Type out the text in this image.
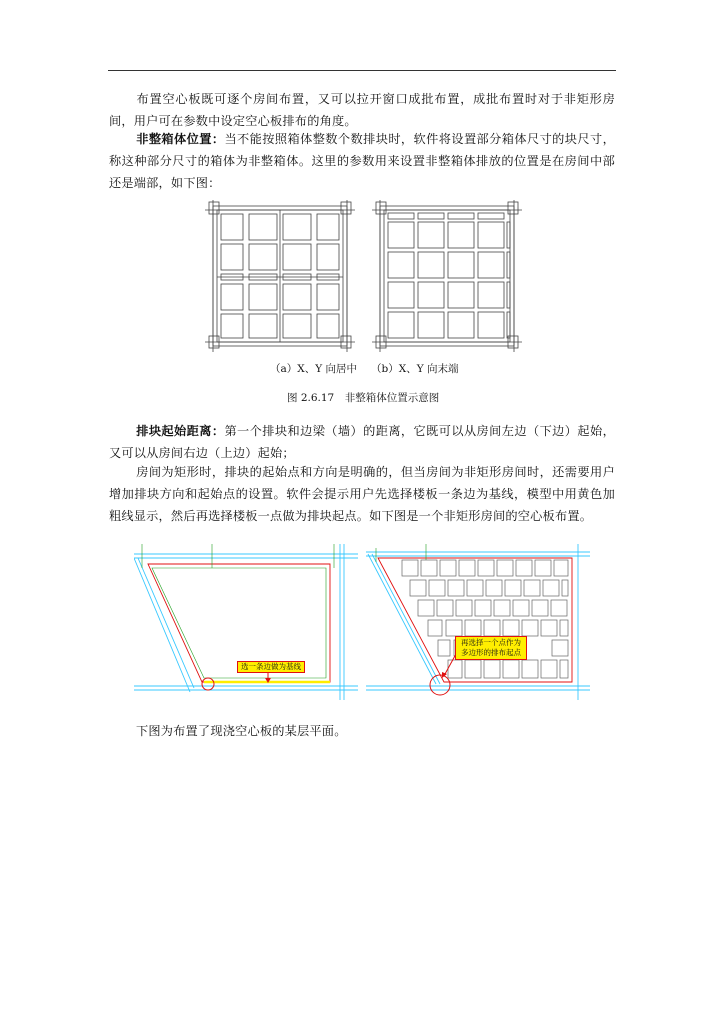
布置空心板既可逐个房间布置，又可以拉开窗口成批布置，成批布置时对于非矩形房间，用户可在参数中设定空心板排布的角度。

非整箱体位置：当不能按照箱体整数个数排块时，软件将设置部分箱体尺寸的块尺寸，称这种部分尺寸的箱体为非整箱体。这里的参数用来设置非整箱体排放的位置是在房间中部还是端部，如下图：

（a）X、Y 向居中 （b）X、Y 向末端
图 2.6.17　非整箱体位置示意图

排块起始距离：第一个排块和边梁（墙）的距离，它既可以从房间左边（下边）起始，又可以从房间右边（上边）起始；

房间为矩形时，排块的起始点和方向是明确的，但当房间为非矩形房间时，还需要用户增加排块方向和起始点的设置。软件会提示用户先选择楼板一条边为基线，模型中用黄色加粗线显示，然后再选择楼板一点做为排块起点。如下图是一个非矩形房间的空心板布置。

选一条边做为基线
再选择一个点作为
多边形的排布起点

下图为布置了现浇空心板的某层平面。
